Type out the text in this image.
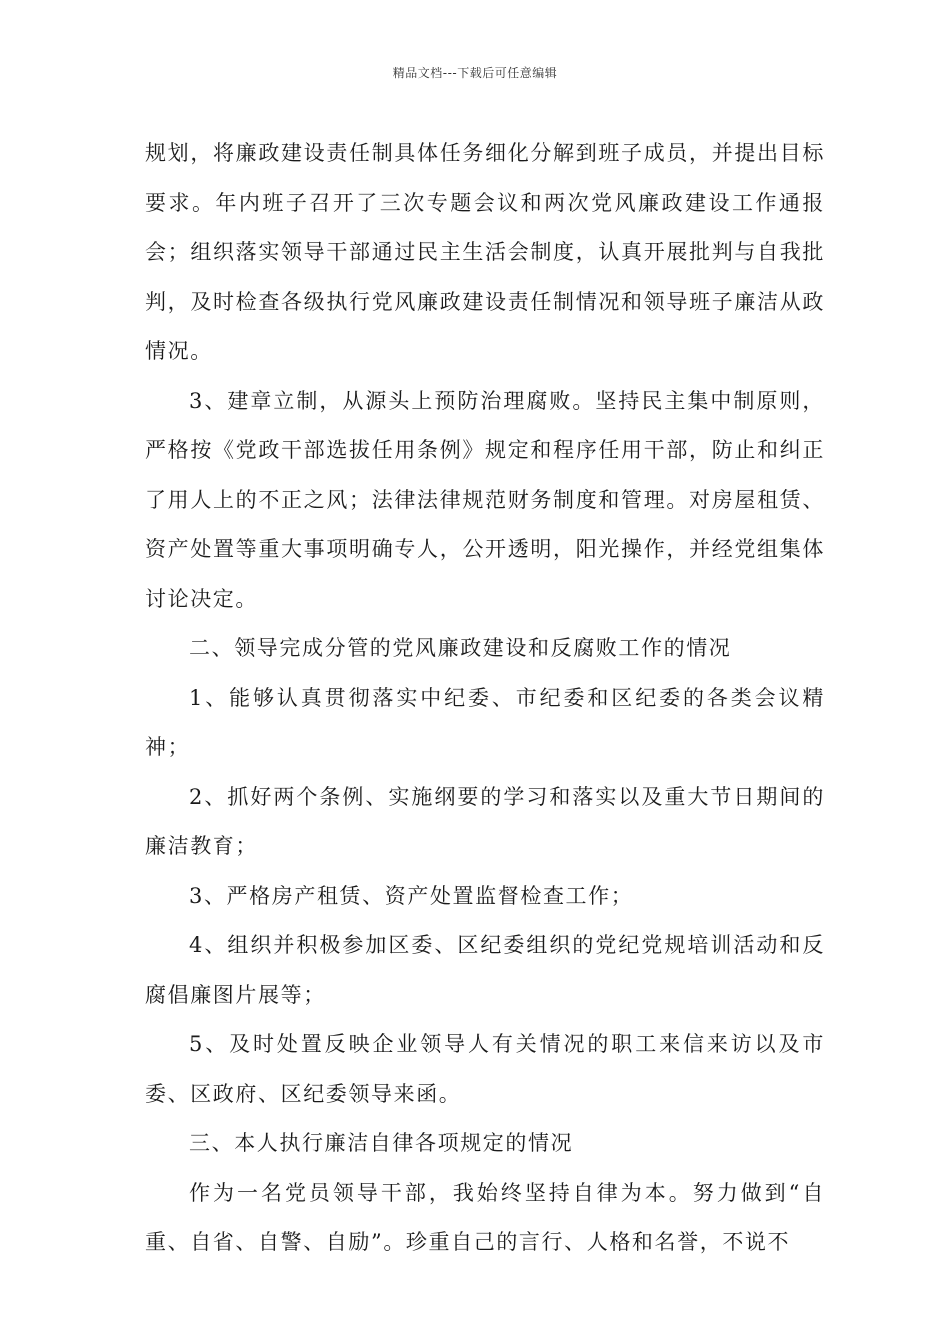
精品文档---下载后可任意编辑

规划，将廉政建设责任制具体任务细化分解到班子成员，并提出目标要求。年内班子召开了三次专题会议和两次党风廉政建设工作通报会；组织落实领导干部通过民主生活会制度，认真开展批判与自我批判，及时检查各级执行党风廉政建设责任制情况和领导班子廉洁从政情况。

3、建章立制，从源头上预防治理腐败。坚持民主集中制原则，严格按《党政干部选拔任用条例》规定和程序任用干部，防止和纠正了用人上的不正之风；法律法律规范财务制度和管理。对房屋租赁、资产处置等重大事项明确专人，公开透明，阳光操作，并经党组集体讨论决定。

二、领导完成分管的党风廉政建设和反腐败工作的情况

1、能够认真贯彻落实中纪委、市纪委和区纪委的各类会议精神；

2、抓好两个条例、实施纲要的学习和落实以及重大节日期间的廉洁教育；

3、严格房产租赁、资产处置监督检查工作；

4、组织并积极参加区委、区纪委组织的党纪党规培训活动和反腐倡廉图片展等；

5、及时处置反映企业领导人有关情况的职工来信来访以及市委、区政府、区纪委领导来函。

三、本人执行廉洁自律各项规定的情况

作为一名党员领导干部，我始终坚持自律为本。努力做到“自重、自省、自警、自励”。珍重自己的言行、人格和名誉，不说不
